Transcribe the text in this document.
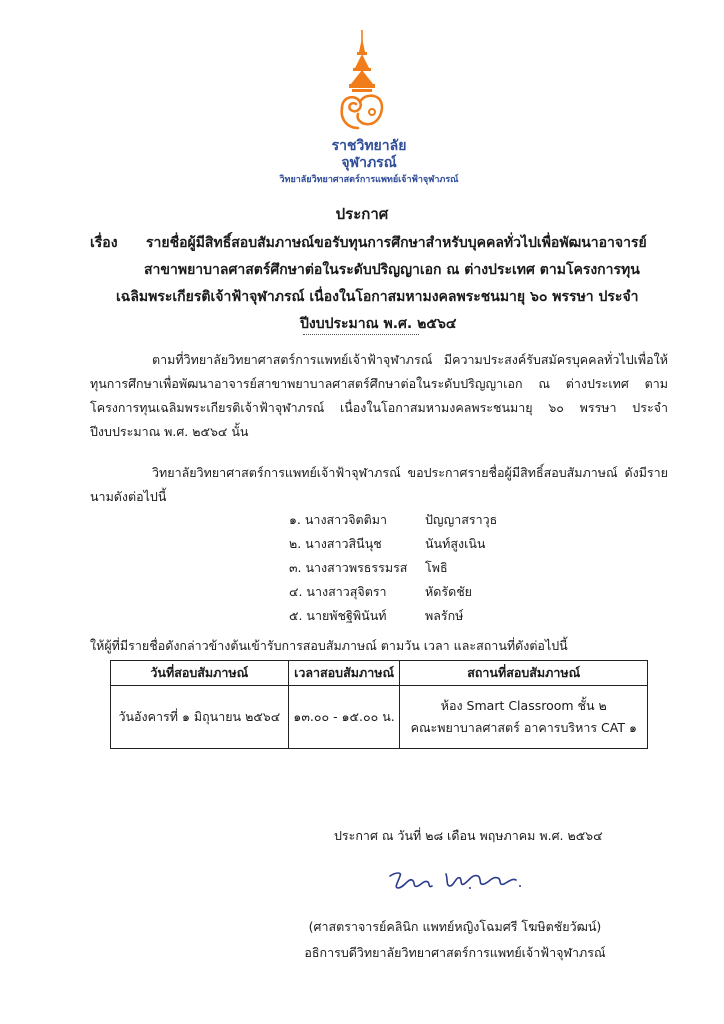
ราชวิทยาลัย
จุฬาภรณ์
วิทยาลัยวิทยาศาสตร์การแพทย์เจ้าฟ้าจุฬาภรณ์
ประกาศ
เรื่อง รายชื่อผู้มีสิทธิ์สอบสัมภาษณ์ขอรับทุนการศึกษาสำหรับบุคคลทั่วไปเพื่อพัฒนาอาจารย์
สาขาพยาบาลศาสตร์ศึกษาต่อในระดับปริญญาเอก ณ ต่างประเทศ ตามโครงการทุน
เฉลิมพระเกียรติเจ้าฟ้าจุฬาภรณ์ เนื่องในโอกาสมหามงคลพระชนมายุ ๖๐ พรรษา ประจำ
ปีงบประมาณ พ.ศ. ๒๕๖๔
ตามที่วิทยาลัยวิทยาศาสตร์การแพทย์เจ้าฟ้าจุฬาภรณ์ มีความประสงค์รับสมัครบุคคลทั่วไปเพื่อให้
ทุนการศึกษาเพื่อพัฒนาอาจารย์สาขาพยาบาลศาสตร์ศึกษาต่อในระดับปริญญาเอก ณ ต่างประเทศ ตาม
โครงการทุนเฉลิมพระเกียรติเจ้าฟ้าจุฬาภรณ์ เนื่องในโอกาสมหามงคลพระชนมายุ ๖๐ พรรษา ประจำ
ปีงบประมาณ พ.ศ. ๒๕๖๔ นั้น
วิทยาลัยวิทยาศาสตร์การแพทย์เจ้าฟ้าจุฬาภรณ์ ขอประกาศรายชื่อผู้มีสิทธิ์สอบสัมภาษณ์ ดังมีราย
นามดังต่อไปนี้
๑. นางสาวจิตติมา	ปัญญาสราวุธ
๒. นางสาวสินีนุช	นันท์สูงเนิน
๓. นางสาวพรธรรมรส โพธิ
๔. นางสาวสุจิตรา	หัดรัดชัย
๕. นายพัชฐิพินันท์	พลรักษ์
ให้ผู้ที่มีรายชื่อดังกล่าวข้างต้นเข้ารับการสอบสัมภาษณ์ ตามวัน เวลา และสถานที่ดังต่อไปนี้
วันที่สอบสัมภาษณ์	เวลาสอบสัมภาษณ์	สถานที่สอบสัมภาษณ์
วันอังคารที่ ๑ มิถุนายน ๒๕๖๔	๑๓.๐๐ - ๑๕.๐๐ น.	ห้อง Smart Classroom ชั้น ๒
คณะพยาบาลศาสตร์ อาคารบริหาร CAT ๑
ประกาศ ณ วันที่ ๒๘ เดือน พฤษภาคม พ.ศ. ๒๕๖๔
(ศาสตราจารย์คลินิก แพทย์หญิงโฉมศรี โฆษิตชัยวัฒน์)
อธิการบดีวิทยาลัยวิทยาศาสตร์การแพทย์เจ้าฟ้าจุฬาภรณ์
